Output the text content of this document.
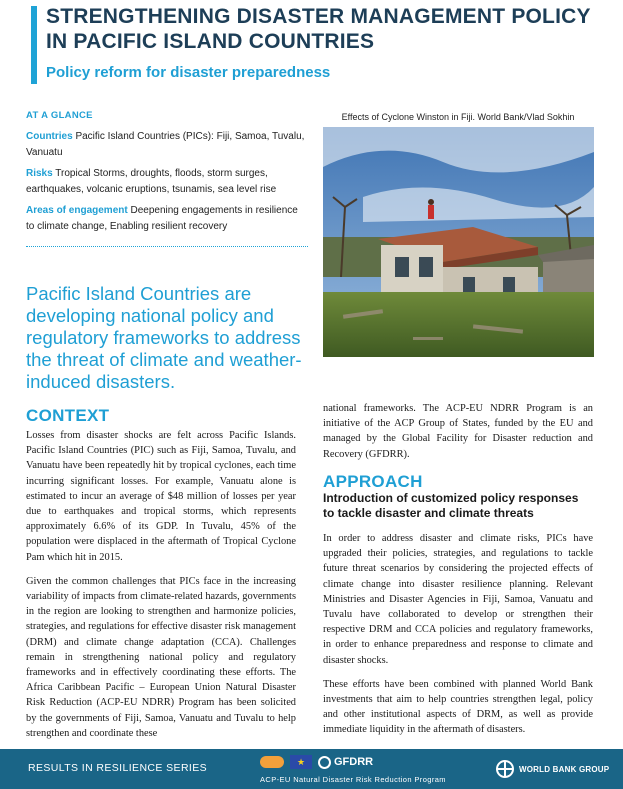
STRENGTHENING DISASTER MANAGEMENT POLICY IN PACIFIC ISLAND COUNTRIES
Policy reform for disaster preparedness
AT A GLANCE
Countries Pacific Island Countries (PICs): Fiji, Samoa, Tuvalu, Vanuatu
Risks Tropical Storms, droughts, floods, storm surges, earthquakes, volcanic eruptions, tsunamis, sea level rise
Areas of engagement Deepening engagements in resilience to climate change, Enabling resilient recovery
Effects of Cyclone Winston in Fiji. World Bank/Vlad Sokhin
Pacific Island Countries are developing national policy and regulatory frameworks to address the threat of climate and weather-induced disasters.
CONTEXT

Losses from disaster shocks are felt across Pacific Islands. Pacific Island Countries (PIC) such as Fiji, Samoa, Tuvalu, and Vanuatu have been repeatedly hit by tropical cyclones, each time incurring significant losses. For example, Vanuatu alone is estimated to incur an average of $48 million of losses per year due to earthquakes and tropical storms, which represents approximately 6.6% of its GDP. In Tuvalu, 45% of the population were displaced in the aftermath of Tropical Cyclone Pam which hit in 2015.

Given the common challenges that PICs face in the increasing variability of impacts from climate-related hazards, governments in the region are looking to strengthen and harmonize policies, strategies, and regulations for effective disaster risk management (DRM) and climate change adaptation (CCA). Challenges remain in strengthening national policy and regulatory frameworks and in effectively coordinating these efforts. The Africa Caribbean Pacific – European Union Natural Disaster Risk Reduction (ACP-EU NDRR) Program has been solicited by the governments of Fiji, Samoa, Vanuatu and Tuvalu to help strengthen and coordinate these

national frameworks. The ACP-EU NDRR Program is an initiative of the ACP Group of States, funded by the EU and managed by the Global Facility for Disaster reduction and Recovery (GFDRR).

APPROACH
Introduction of customized policy responses to tackle disaster and climate threats

In order to address disaster and climate risks, PICs have upgraded their policies, strategies, and regulations to tackle future threat scenarios by considering the projected effects of climate change into disaster resilience planning. Relevant Ministries and Disaster Agencies in Fiji, Samoa, Vanuatu and Tuvalu have collaborated to develop or strengthen their respective DRM and CCA policies and regulatory frameworks, in order to enhance preparedness and response to climate and disaster shocks.

These efforts have been combined with planned World Bank investments that aim to help countries strengthen legal, policy and other institutional aspects of DRM, as well as provide immediate liquidity in the aftermath of disasters.

RESULTS IN RESILIENCE SERIES
★	GFDRR
ACP-EU Natural Disaster Risk Reduction Program
WORLD BANK GROUP
